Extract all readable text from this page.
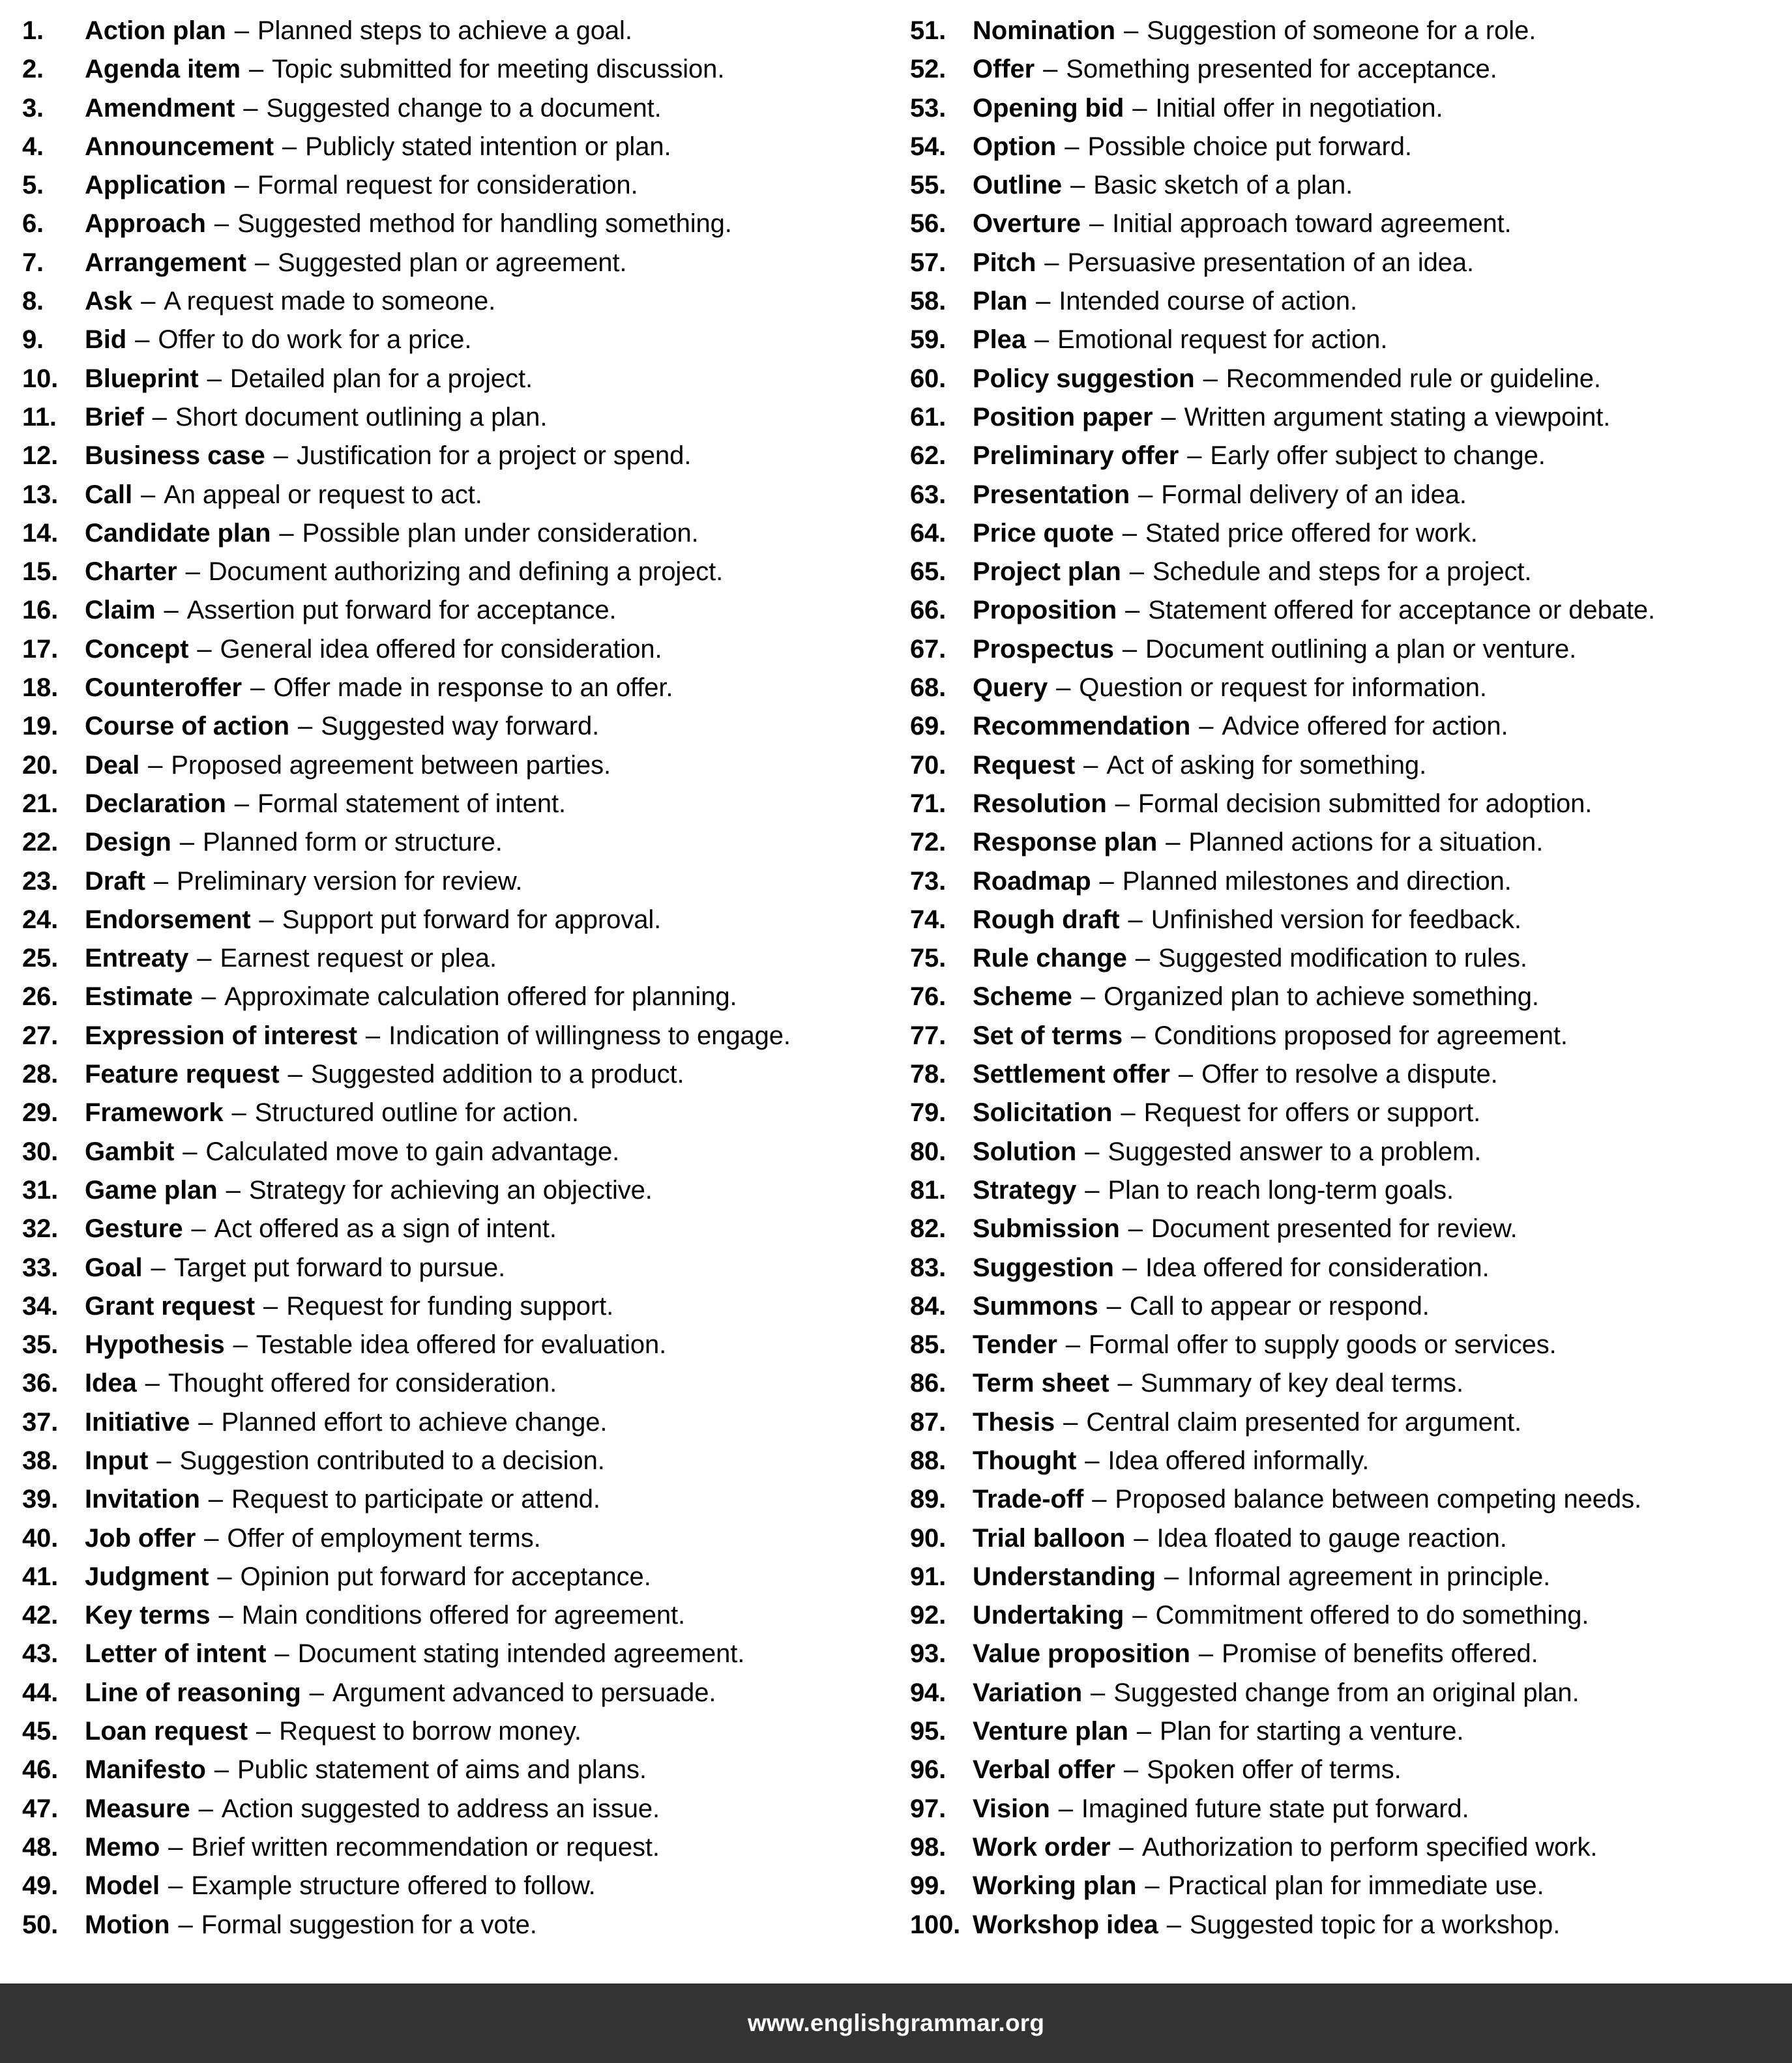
1.	Action plan – Planned steps to achieve a goal.
2.	Agenda item – Topic submitted for meeting discussion.
3.	Amendment – Suggested change to a document.
4.	Announcement – Publicly stated intention or plan.
5.	Application – Formal request for consideration.
6.	Approach – Suggested method for handling something.
7.	Arrangement – Suggested plan or agreement.
8.	Ask – A request made to someone.
9.	Bid – Offer to do work for a price.
10.	Blueprint – Detailed plan for a project.
11.	Brief – Short document outlining a plan.
12.	Business case – Justification for a project or spend.
13.	Call – An appeal or request to act.
14.	Candidate plan – Possible plan under consideration.
15.	Charter – Document authorizing and defining a project.
16.	Claim – Assertion put forward for acceptance.
17.	Concept – General idea offered for consideration.
18.	Counteroffer – Offer made in response to an offer.
19.	Course of action – Suggested way forward.
20.	Deal – Proposed agreement between parties.
21.	Declaration – Formal statement of intent.
22.	Design – Planned form or structure.
23.	Draft – Preliminary version for review.
24.	Endorsement – Support put forward for approval.
25.	Entreaty – Earnest request or plea.
26.	Estimate – Approximate calculation offered for planning.
27.	Expression of interest – Indication of willingness to engage.
28.	Feature request – Suggested addition to a product.
29.	Framework – Structured outline for action.
30.	Gambit – Calculated move to gain advantage.
31.	Game plan – Strategy for achieving an objective.
32.	Gesture – Act offered as a sign of intent.
33.	Goal – Target put forward to pursue.
34.	Grant request – Request for funding support.
35.	Hypothesis – Testable idea offered for evaluation.
36.	Idea – Thought offered for consideration.
37.	Initiative – Planned effort to achieve change.
38.	Input – Suggestion contributed to a decision.
39.	Invitation – Request to participate or attend.
40.	Job offer – Offer of employment terms.
41.	Judgment – Opinion put forward for acceptance.
42.	Key terms – Main conditions offered for agreement.
43.	Letter of intent – Document stating intended agreement.
44.	Line of reasoning – Argument advanced to persuade.
45.	Loan request – Request to borrow money.
46.	Manifesto – Public statement of aims and plans.
47.	Measure – Action suggested to address an issue.
48.	Memo – Brief written recommendation or request.
49.	Model – Example structure offered to follow.
50.	Motion – Formal suggestion for a vote.
51.	Nomination – Suggestion of someone for a role.
52.	Offer – Something presented for acceptance.
53.	Opening bid – Initial offer in negotiation.
54.	Option – Possible choice put forward.
55.	Outline – Basic sketch of a plan.
56.	Overture – Initial approach toward agreement.
57.	Pitch – Persuasive presentation of an idea.
58.	Plan – Intended course of action.
59.	Plea – Emotional request for action.
60.	Policy suggestion – Recommended rule or guideline.
61.	Position paper – Written argument stating a viewpoint.
62.	Preliminary offer – Early offer subject to change.
63.	Presentation – Formal delivery of an idea.
64.	Price quote – Stated price offered for work.
65.	Project plan – Schedule and steps for a project.
66.	Proposition – Statement offered for acceptance or debate.
67.	Prospectus – Document outlining a plan or venture.
68.	Query – Question or request for information.
69.	Recommendation – Advice offered for action.
70.	Request – Act of asking for something.
71.	Resolution – Formal decision submitted for adoption.
72.	Response plan – Planned actions for a situation.
73.	Roadmap – Planned milestones and direction.
74.	Rough draft – Unfinished version for feedback.
75.	Rule change – Suggested modification to rules.
76.	Scheme – Organized plan to achieve something.
77.	Set of terms – Conditions proposed for agreement.
78.	Settlement offer – Offer to resolve a dispute.
79.	Solicitation – Request for offers or support.
80.	Solution – Suggested answer to a problem.
81.	Strategy – Plan to reach long-term goals.
82.	Submission – Document presented for review.
83.	Suggestion – Idea offered for consideration.
84.	Summons – Call to appear or respond.
85.	Tender – Formal offer to supply goods or services.
86.	Term sheet – Summary of key deal terms.
87.	Thesis – Central claim presented for argument.
88.	Thought – Idea offered informally.
89.	Trade-off – Proposed balance between competing needs.
90.	Trial balloon – Idea floated to gauge reaction.
91.	Understanding – Informal agreement in principle.
92.	Undertaking – Commitment offered to do something.
93.	Value proposition – Promise of benefits offered.
94.	Variation – Suggested change from an original plan.
95.	Venture plan – Plan for starting a venture.
96.	Verbal offer – Spoken offer of terms.
97.	Vision – Imagined future state put forward.
98.	Work order – Authorization to perform specified work.
99.	Working plan – Practical plan for immediate use.
100. Workshop idea – Suggested topic for a workshop.
www.englishgrammar.org
